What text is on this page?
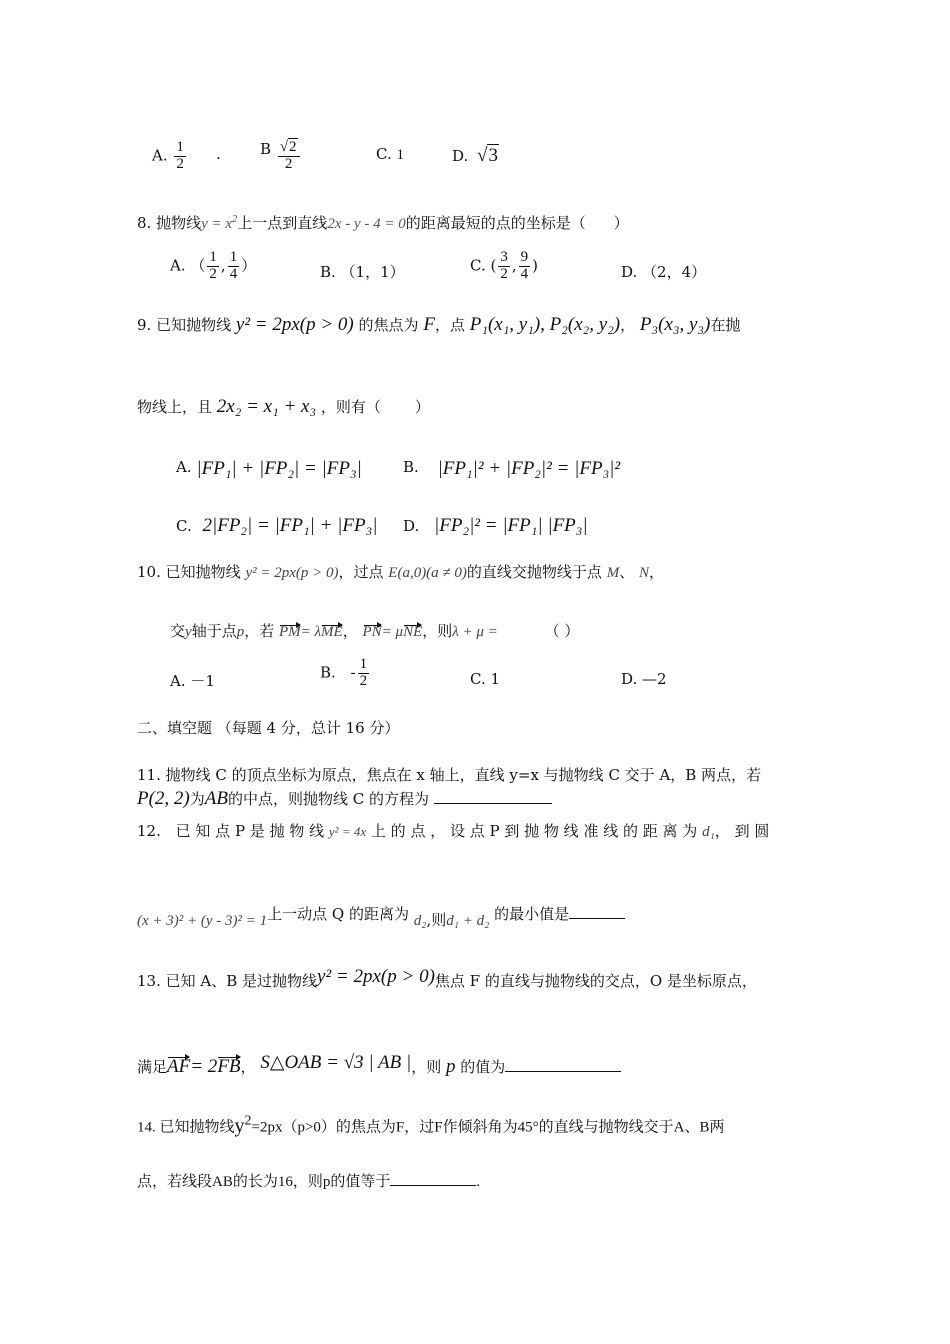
A. $\frac{1}{2}$ .	B $\frac{√2}{2}$	C. 1	D. √3
8. 抛物线$y = x^2$上一点到直线2x - y - 4 = 0的距离最短的点的坐标是（ ）
A. （ $\frac{1}{2}$ , $\frac{1}{4}$ ）	B. （1，1）	C. ( $\frac{3}{2}$ , $\frac{9}{4}$ )	D. （2，4）
9. 已知抛物线 y² = 2px(p > 0) 的焦点为 F，点 P₁(x₁, y₁), P₂(x₂, y₂)， P₃(x₃, y₃)在抛
物线上，且 2x₂ = x₁ + x₃ ，则有（ ）
A. |FP₁| + |FP₂| = |FP₃|	B. |FP₁|² + |FP₂|² = |FP₃|²
C. 2|FP₂| = |FP₁| + |FP₃| D. |FP₂|² = |FP₁| |FP₃|
10. 已知抛物线 y² = 2px(p > 0)，过点 E(a,0)(a ≠ 0)的直线交抛物线于点 M、 N，
交y轴于点p，若 PM= λME， PN= μNE，则λ + μ =	（ ）
A. －1	B. - $\frac{1}{2}$	C. 1	D. —2
二、填空题 （每题 4 分，总计 16 分）
11. 抛物线 C 的顶点坐标为原点，焦点在 x 轴上，直线 y=x 与抛物线 C 交于 A，B 两点，若
P(2, 2)为AB的中点，则抛物线 C 的方程为
12. 已 知 点 P 是 抛 物 线 y² = 4x 上 的 点 ， 设 点 P 到 抛 物 线 准 线 的 距 离 为 d₁， 到 圆
(x + 3)² + (y - 3)² = 1上一动点 Q 的距离为 d₂,则d₁ + d₂ 的最小值是
13. 已知 A、B 是过抛物线y² = 2px(p > 0)焦点 F 的直线与抛物线的交点，O 是坐标原点，
满足AF= 2FB， S△OAB = √3 | AB |，则 p 的值为
14. 已知抛物线$y^2=2px(p>0)$的焦点为F，过F作倾斜角为45°的直线与抛物线交于A、B两
点，若线段AB的长为16，则p的值等于	.
